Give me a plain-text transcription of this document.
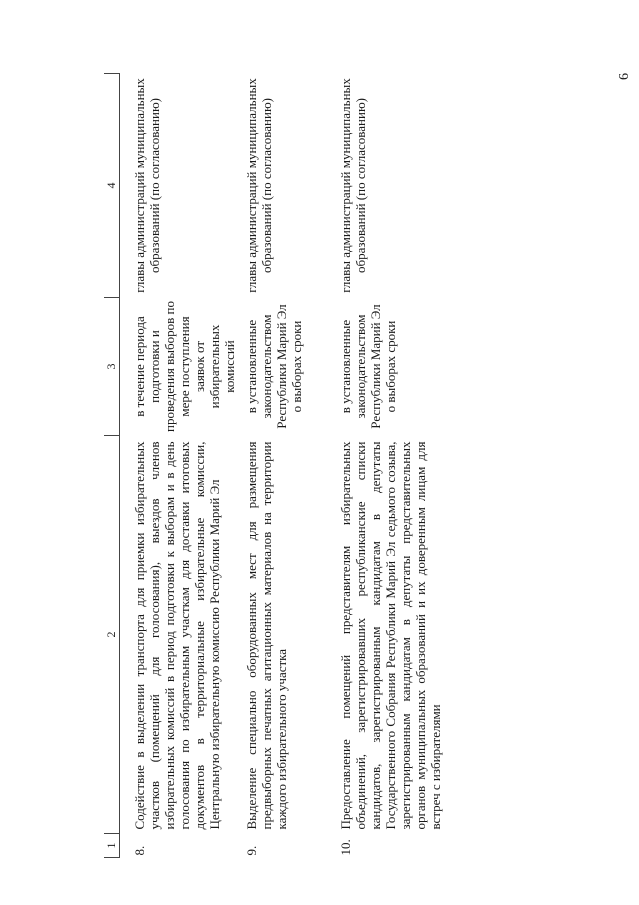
6
1	2	3	4
8.	Содействие в выделении транспорта для приемки избирательных участков (помещений для голосования), выездов членов избирательных комиссий в период подготовки к выборам и в день голосования по избирательным участкам для доставки итоговых документов в территориальные избирательные комиссии, Центральную избирательную комиссию Республики Марий Эл	в течение периода подготовки и проведения выборов по мере поступления заявок от избирательных комиссий	главы администраций муниципальных образований (по согласованию)
9.	Выделение специально оборудованных мест для размещения предвыборных печатных агитационных материалов на территории каждого избирательного участка	в установленные законодательством Республики Марий Эл о выборах сроки	главы администраций муниципальных образований (по согласованию)
10.	Предоставление помещений представителям избирательных объединений, зарегистрировавших республиканские списки кандидатов, зарегистрированным кандидатам в депутаты Государственного Собрания Республики Марий Эл седьмого созыва, зарегистрированным кандидатам в депутаты представительных органов муниципальных образований и их доверенным лицам для встреч с избирателями	в установленные законодательством Республики Марий Эл о выборах сроки	главы администраций муниципальных образований (по согласованию)
